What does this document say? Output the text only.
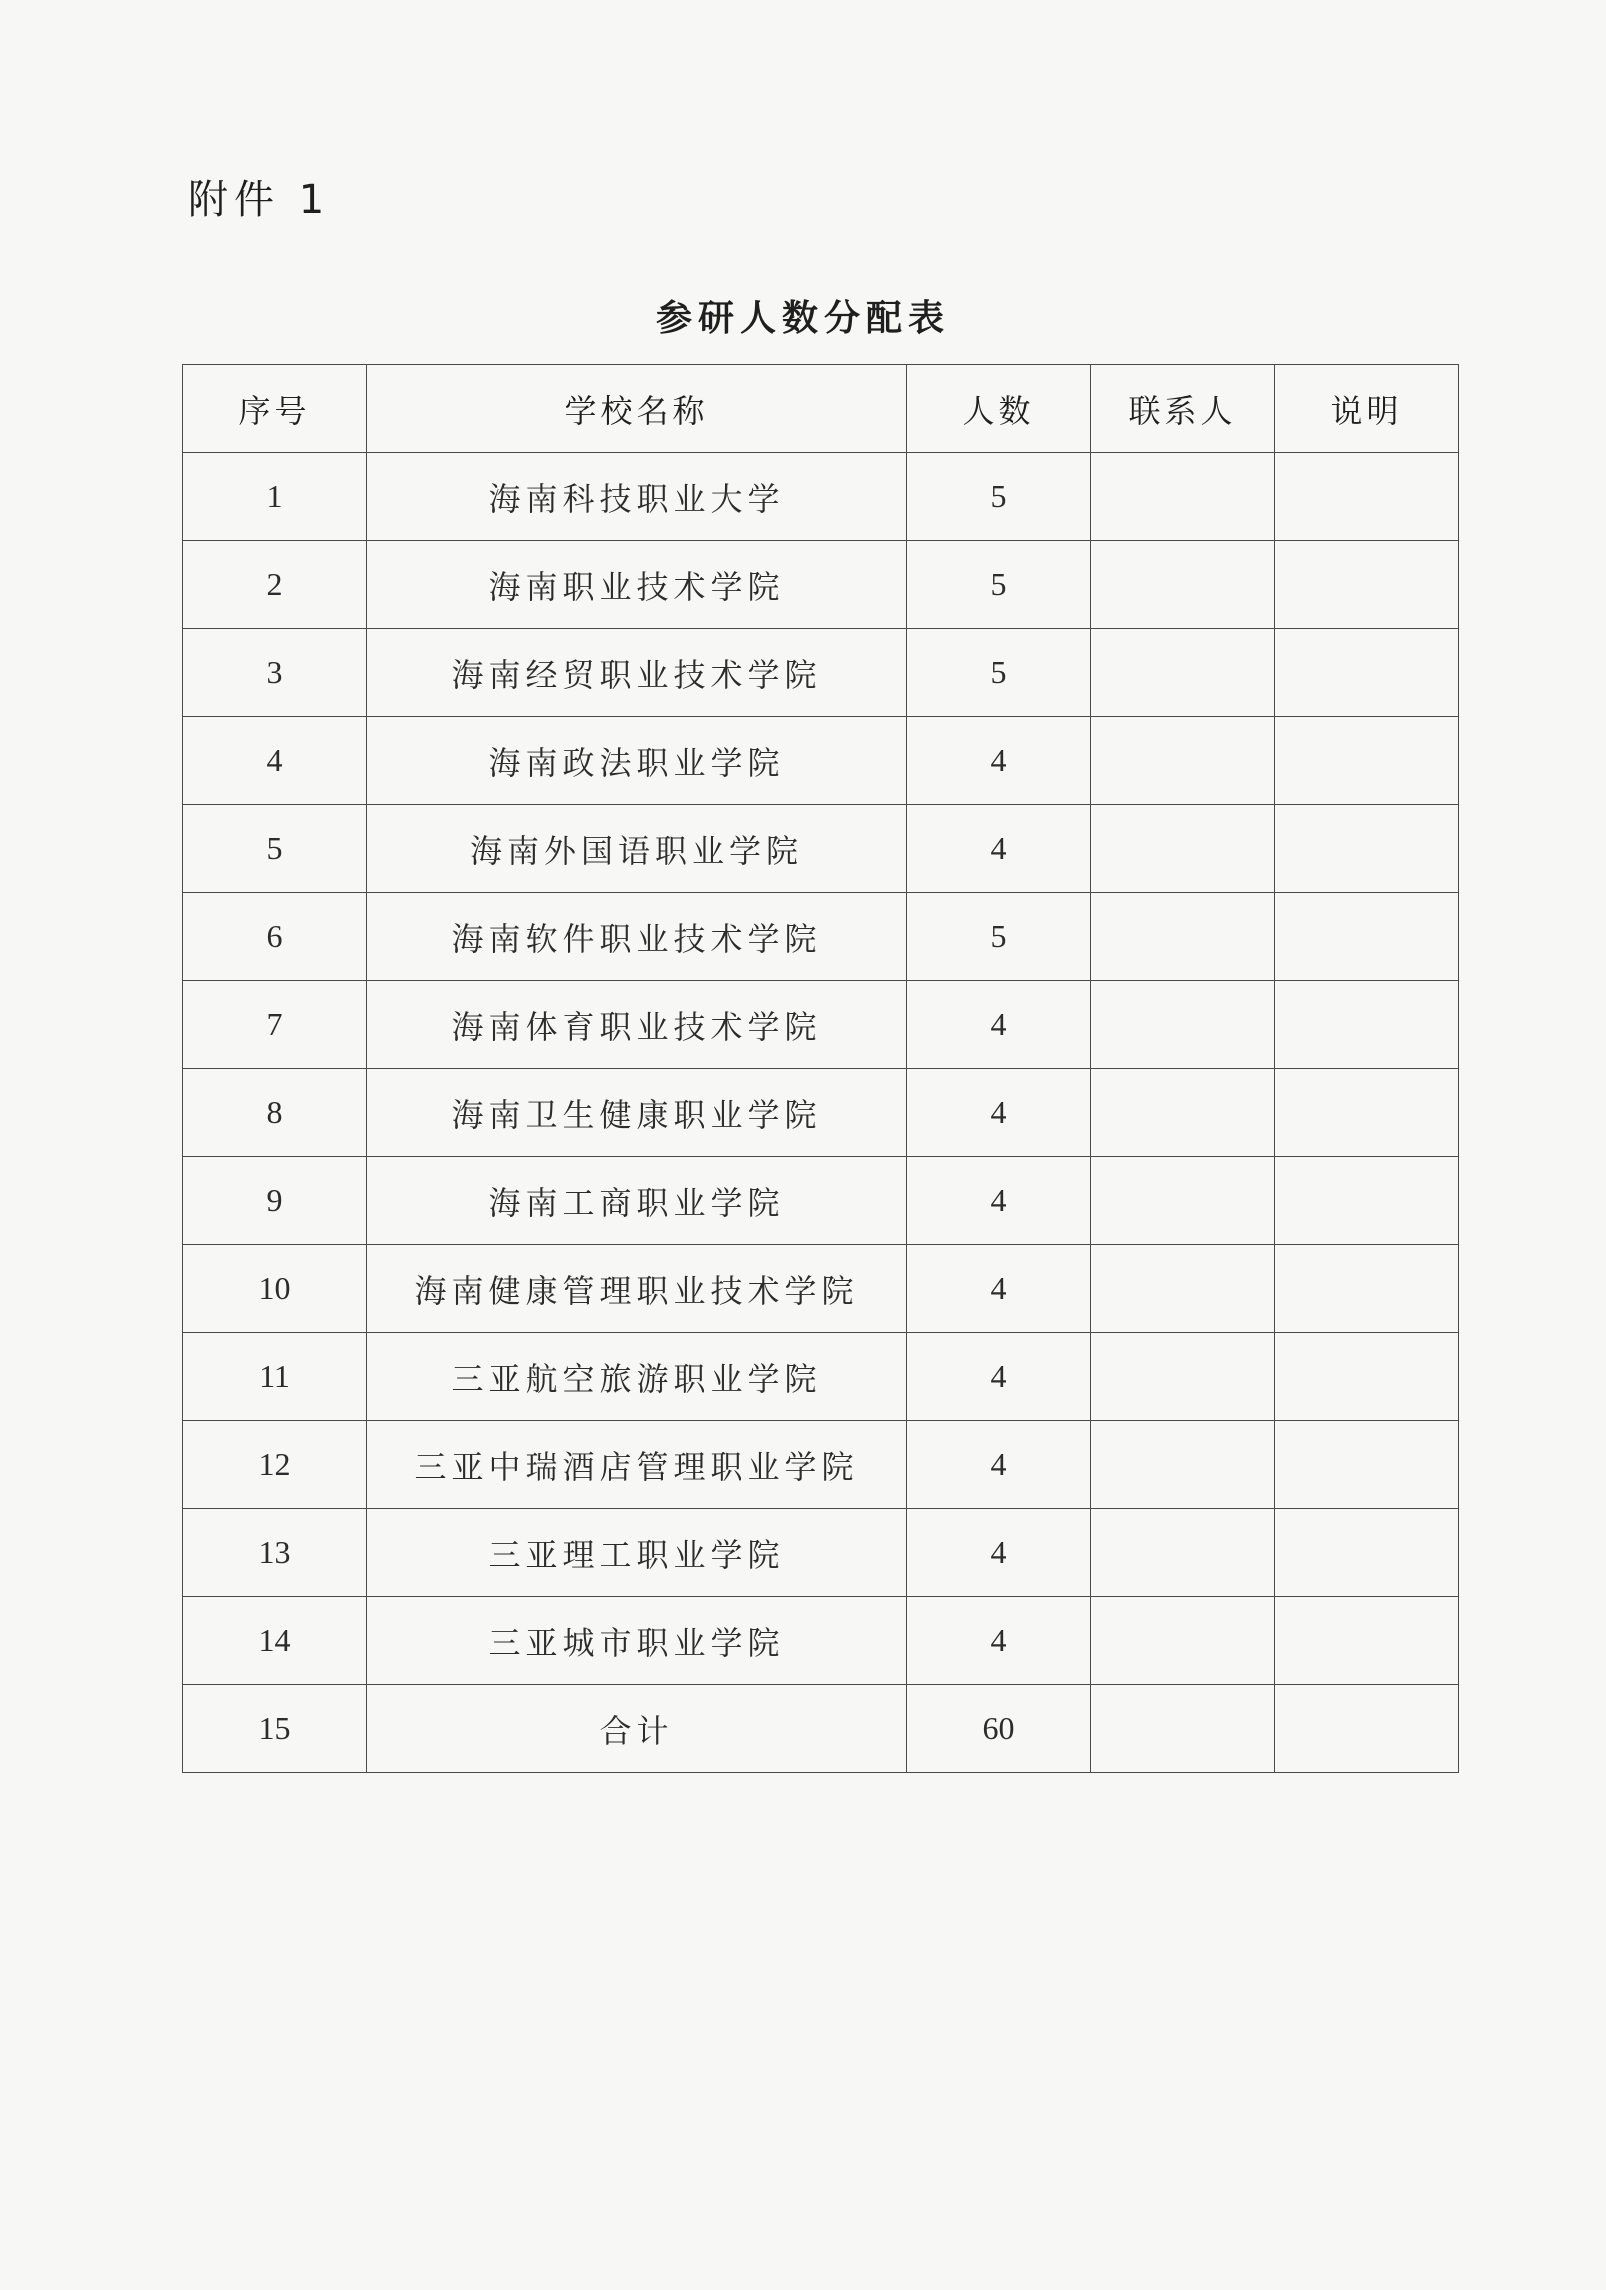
附件 1
参研人数分配表
序号	学校名称	人数	联系人	说明
1	海南科技职业大学	5		
2	海南职业技术学院	5		
3	海南经贸职业技术学院	5		
4	海南政法职业学院	4		
5	海南外国语职业学院	4		
6	海南软件职业技术学院	5		
7	海南体育职业技术学院	4		
8	海南卫生健康职业学院	4		
9	海南工商职业学院	4		
10	海南健康管理职业技术学院	4		
11	三亚航空旅游职业学院	4		
12	三亚中瑞酒店管理职业学院	4		
13	三亚理工职业学院	4		
14	三亚城市职业学院	4		
15	合计	60		
